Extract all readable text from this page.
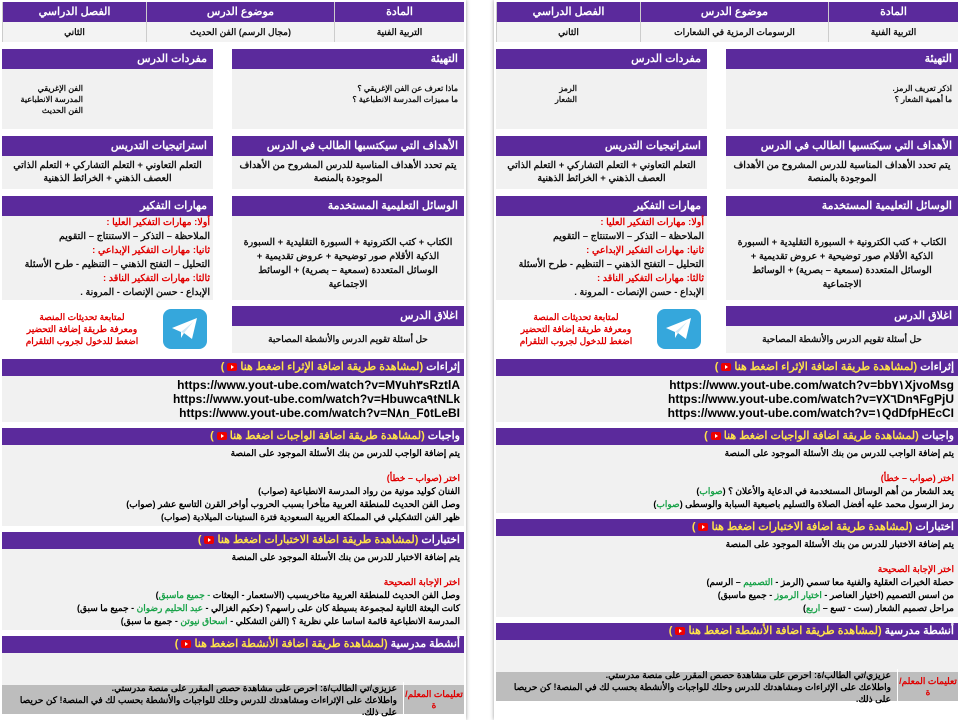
المادة
موضوع الدرس
الفصل الدراسي
التربية الفنية
(مجال الرسم) الفن الحديث
الثاني
التهيئة
ماذا تعرف عن الفن الإغريقي ؟
ما مميزات المدرسة الانطباعية ؟
مفردات الدرس
الفن الإغريقي
المدرسة الانطباعية
الفن الحديث
الأهداف التي سيكتسبها الطالب في الدرس
يتم تحدد الأهداف المناسبة للدرس المشروح من الأهداف الموجودة بالمنصة
استراتيجيات التدريس
التعلم التعاوني + التعلم التشاركي + التعلم الذاتي العصف الذهني + الخرائط الذهنية
الوسائل التعليمية المستخدمة
الكتاب + كتب الكترونية + السبورة التقليدية + السبورة الذكية الأقلام صور توضيحية + عروض تقديمية + الوسائل المتعددة (سمعية – بصرية) + الوسائط الاجتماعية
مهارات التفكير
أولا: مهارات التفكير العليا :
الملاحظة – التذكر – الاستنتاج – التقويم
ثانيا: مهارات التفكير الإبداعي :
التحليل – التفتح الذهني – التنظيم - طرح الأسئلة
ثالثا: مهارات التفكير الناقد :
الإبداع - حسن الإنصات - المرونة .
اغلاق الدرس
حل أسئلة تقويم الدرس والأنشطة المصاحبة
لمتابعة تحديثات المنصة
ومعرفة طريقة إضافة التحضير
اضغط للدخول لجروب التلقرام
إثراءات (لمشاهدة طريقة اضافة الإثراء اضغط هنا)
https://www.yout-ube.com/watch?v=M٧uh٣sRztlA
https://www.yout-ube.com/watch?v=Hbuwca٩tNLk
https://www.yout-ube.com/watch?v=N٨n_F٥tLeBI
واجبات (لمشاهدة طريقة اضافة الواجبات اضغط هنا)
يتم إضافة الواجب للدرس من بنك الأسئلة الموجود على المنصة
اختر (صواب – خطأ)
الفنان كوليد مونية من رواد المدرسة الانطباعية (صواب)
وصل الفن الحديث للمنطقة العربية متأخرا بسبب الحروب أواخر القرن التاسع عشر (صواب)
ظهر الفن التشكيلي في المملكة العربية السعودية فترة الستينات الميلادية (صواب)
اختبارات (لمشاهدة طريقة اضافة الاختبارات اضغط هنا)
يتم إضافة الاختبار للدرس من بنك الأسئلة الموجود على المنصة
اختر الإجابة الصحيحة
وصل الفن الحديث للمنطقة العربية متاخربسبب (الاستعمار - البعثات - جميع ماسبق)
كانت البعثة الثانية لمجموعة بسيطة كان على راسهم؟ (حكيم الغزالي - عبد الحليم رضوان - جميع ما سبق)
المدرسة الانطباعية قائمة اساسا علي نظرية ؟ (الفن التشكلي - اسحاق نيوتن - جميع ما سبق)
أنشطة مدرسية (لمشاهدة طريقة اضافة الأنشطة اضغط هنا)
تعليمات المعلم/ة
عزيزي/تي الطالب/ة: احرص على مشاهدة حصص المقرر على منصة مدرستي.
واطلاعك على الإثراءات ومشاهدتك للدرس وحلك للواجبات والأنشطة بحسب لك في المنصة! كن حريصا على ذلك.
المادة
موضوع الدرس
الفصل الدراسي
التربية الفنية
الرسومات الرمزية في الشعارات
الثاني
التهيئة
اذكر تعريف الرمز.
ما أهمية الشعار ؟
مفردات الدرس
الرمز
الشعار
الأهداف التي سيكتسبها الطالب في الدرس
يتم تحدد الأهداف المناسبة للدرس المشروح من الأهداف الموجودة بالمنصة
استراتيجيات التدريس
التعلم التعاوني + التعلم التشاركي + التعلم الذاتي العصف الذهني + الخرائط الذهنية
الوسائل التعليمية المستخدمة
الكتاب + كتب الكترونية + السبورة التقليدية + السبورة الذكية الأقلام صور توضيحية + عروض تقديمية + الوسائل المتعددة (سمعية – بصرية) + الوسائط الاجتماعية
مهارات التفكير
أولا: مهارات التفكير العليا :
الملاحظة – التذكر – الاستنتاج – التقويم
ثانيا: مهارات التفكير الإبداعي :
التحليل – التفتح الذهني – التنظيم - طرح الأسئلة
ثالثا: مهارات التفكير الناقد :
الإبداع - حسن الإنصات - المرونة .
اغلاق الدرس
حل أسئلة تقويم الدرس والأنشطة المصاحبة
لمتابعة تحديثات المنصة
ومعرفة طريقة إضافة التحضير
اضغط للدخول لجروب التلقرام
إثراءات (لمشاهدة طريقة اضافة الإثراء اضغط هنا)
https://www.yout-ube.com/watch?v=bb٧١XjvoMsg
https://www.yout-ube.com/watch?v=٧X٦Dn٩FgPjU
https://www.yout-ube.com/watch?v=١QdDfpHEcCI
واجبات (لمشاهدة طريقة اضافة الواجبات اضغط هنا)
يتم إضافة الواجب للدرس من بنك الأسئلة الموجود على المنصة
اختر (صواب – خطأ)
يعد الشعار من أهم الوسائل المستخدمة في الدعاية والأعلان ؟ (صواب)
رمز الرسول محمد عليه أفضل الصلاة والتسليم باصبعية السبابة والوسطى (صواب)
اختبارات (لمشاهدة طريقة اضافة الاختبارات اضغط هنا)
يتم إضافة الاختبار للدرس من بنك الأسئلة الموجود على المنصة
اختر الإجابة الصحيحة
حصلة الخبرات العقلية والفنية معا تسمي (الرمز - التصميم – الرسم)
من اسس التصميم (اختيار العناصر - اختيار الرموز - جميع ماسبق)
مراحل تصميم الشعار (ست - تسع – اربع)
أنشطة مدرسية (لمشاهدة طريقة اضافة الأنشطة اضغط هنا)
تعليمات المعلم/ة
عزيزي/تي الطالب/ة: احرص على مشاهدة حصص المقرر على منصة مدرستي.
واطلاعك على الإثراءات ومشاهدتك للدرس وحلك للواجبات والأنشطة بحسب لك في المنصة! كن حريصا على ذلك.
